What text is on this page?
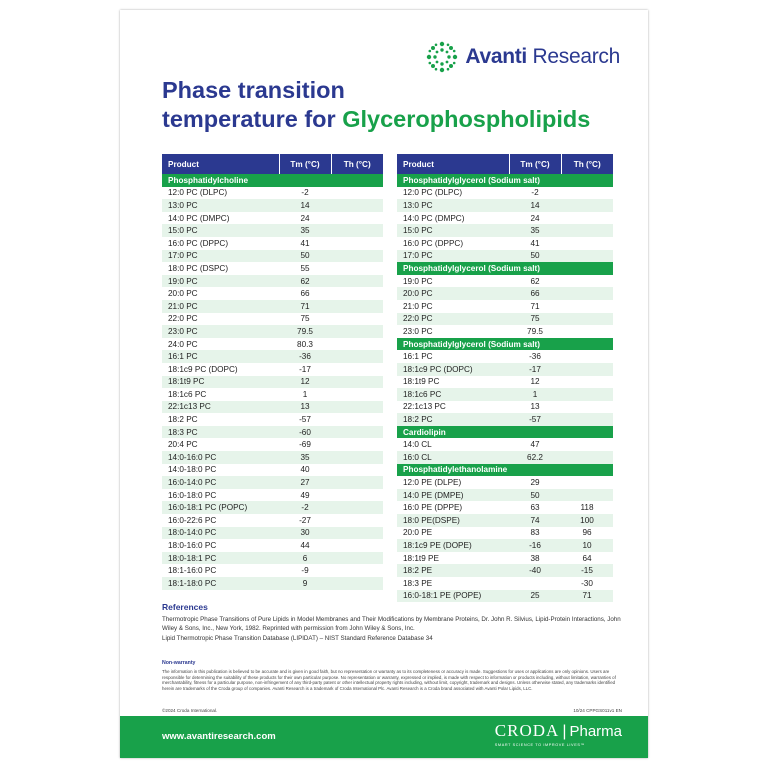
Avanti Research
Phase transition
temperature for Glycerophospholipids
Product	Tm (°C)	Th (°C)
Phosphatidylcholine		
12:0 PC (DLPC)	-2	
13:0 PC	14	
14:0 PC (DMPC)	24	
15:0 PC	35	
16:0 PC (DPPC)	41	
17:0 PC	50	
18:0 PC (DSPC)	55	
19:0 PC	62	
20:0 PC	66	
21:0 PC	71	
22:0 PC	75	
23:0 PC	79.5	
24:0 PC	80.3	
16:1 PC	-36	
18:1c9 PC (DOPC)	-17	
18:1t9 PC	12	
18:1c6 PC	1	
22:1c13 PC	13	
18:2 PC	-57	
18:3 PC	-60	
20:4 PC	-69	
14:0-16:0 PC	35	
14:0-18:0 PC	40	
16:0-14:0 PC	27	
16:0-18:0 PC	49	
16:0-18:1 PC (POPC)	-2	
16:0-22:6 PC	-27	
18:0-14:0 PC	30	
18:0-16:0 PC	44	
18:0-18:1 PC	6	
18:1-16:0 PC	-9	
18:1-18:0 PC	9	
Product	Tm (°C)	Th (°C)
Phosphatidylglycerol (Sodium salt)		
12:0 PC (DLPC)	-2	
13:0 PC	14	
14:0 PC (DMPC)	24	
15:0 PC	35	
16:0 PC (DPPC)	41	
17:0 PC	50	
Phosphatidylglycerol (Sodium salt)		
19:0 PC	62	
20:0 PC	66	
21:0 PC	71	
22:0 PC	75	
23:0 PC	79.5	
Phosphatidylglycerol (Sodium salt)		
16:1 PC	-36	
18:1c9 PC (DOPC)	-17	
18:1t9 PC	12	
18:1c6 PC	1	
22:1c13 PC	13	
18:2 PC	-57	
Cardiolipin		
14:0 CL	47	
16:0 CL	62.2	
Phosphatidylethanolamine		
12:0 PE (DLPE)	29	
14:0 PE (DMPE)	50	
16:0 PE (DPPE)	63	118
18:0 PE(DSPE)	74	100
20:0 PE	83	96
18:1c9 PE (DOPE)	-16	10
18:1t9 PE	38	64
18:2 PE	-40	-15
18:3 PE		-30
16:0-18:1 PE (POPE)	25	71
References

Thermotropic Phase Transitions of Pure Lipids in Model Membranes and Their Modifications by Membrane Proteins, Dr. John R. Silvius, Lipid-Protein Interactions, John Wiley & Sons, Inc., New York, 1982. Reprinted with permission from John Wiley & Sons, Inc.

Lipid Thermotropic Phase Transition Database (LIPIDAT) – NIST Standard Reference Database 34

Non-warranty
The information in this publication is believed to be accurate and is given in good faith, but no representation or warranty as to its completeness or accuracy is made. Suggestions for uses or applications are only opinions. Users are responsible for determining the suitability of these products for their own particular purpose. No representation or warranty, expressed or implied, is made with respect to information or products including, without limitation, warranties of merchantability, fitness for a particular purpose, non-infringement of any third-party patent or other intellectual property rights including, without limit, copyright, trademark and designs. Unless otherwise stated, any trademarks identified herein are trademarks of the Croda group of companies. Avanti Research is a trademark of Croda International Plc. Avanti Research is a Croda brand associated with Avanti Polar Lipids, LLC.
©2024 Croda International.	10/24 CPPGS011v1 EN
www.avantiresearch.com	CRODA | Pharma
SMART SCIENCE TO IMPROVE LIVES™
